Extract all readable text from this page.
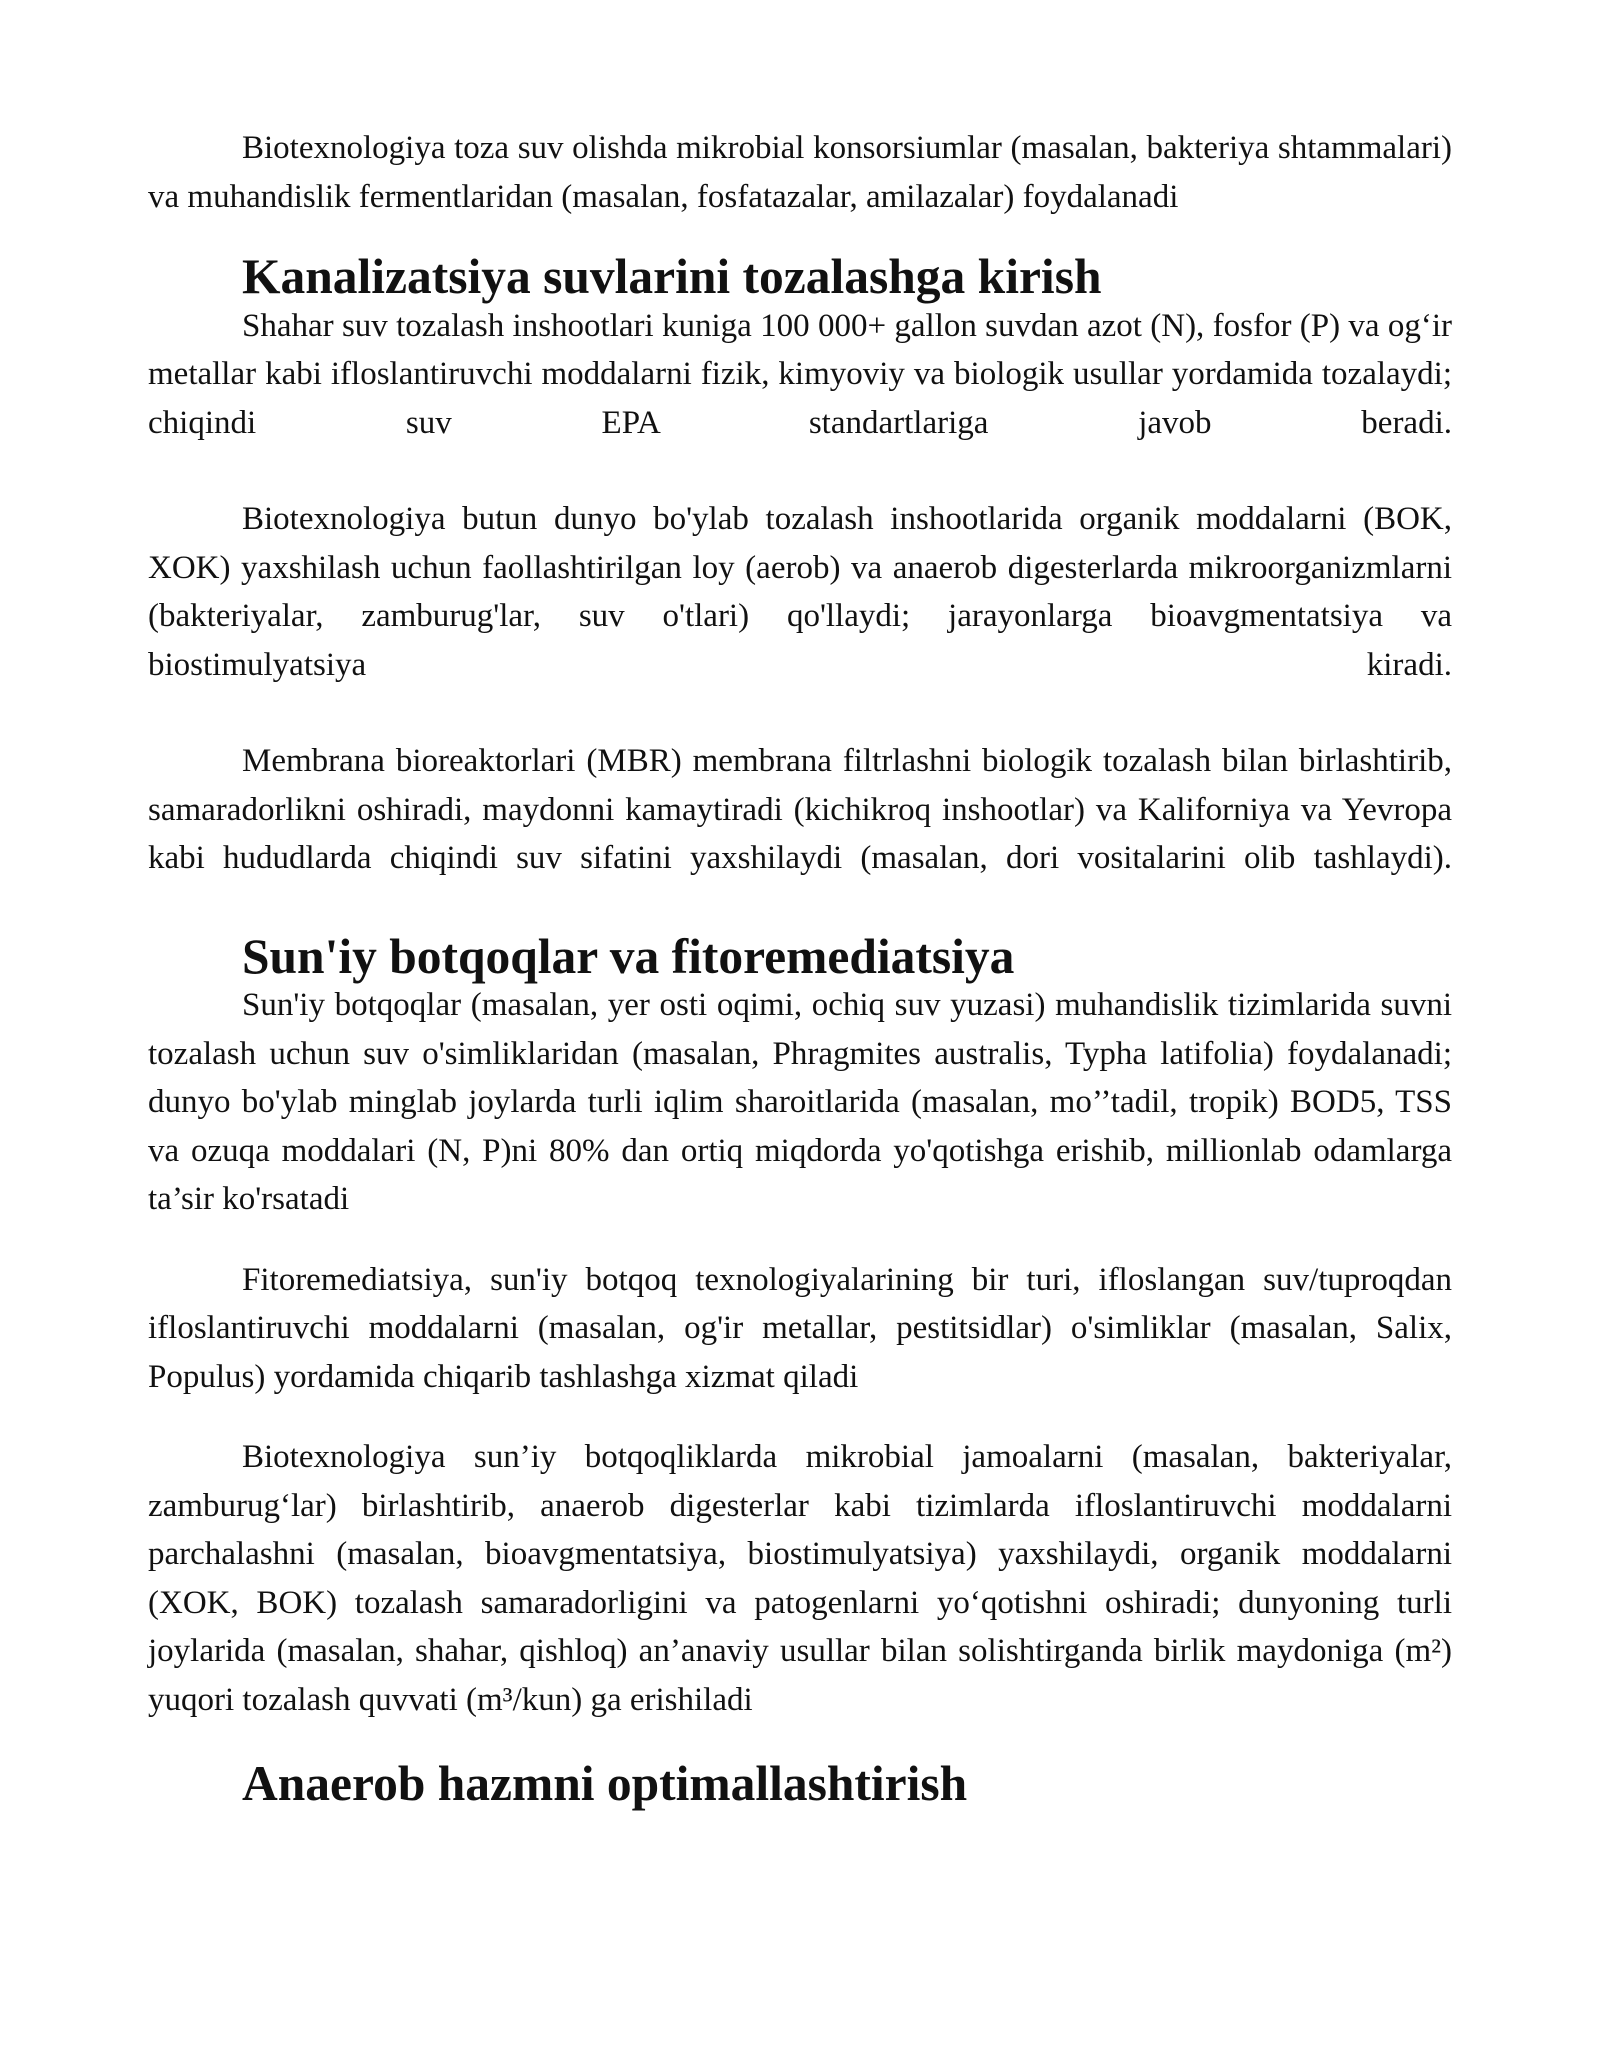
Biotexnologiya toza suv olishda mikrobial konsorsiumlar (masalan, bakteriya shtammalari) va muhandislik fermentlaridan (masalan, fosfatazalar, amilazalar) foydalanadi

Kanalizatsiya suvlarini tozalashga kirish

Shahar suv tozalash inshootlari kuniga 100 000+ gallon suvdan azot (N), fosfor (P) va og‘ir metallar kabi ifloslantiruvchi moddalarni fizik, kimyoviy va biologik usullar yordamida tozalaydi; chiqindi suv EPA standartlariga javob beradi.

Biotexnologiya butun dunyo bo'ylab tozalash inshootlarida organik moddalarni (BOK, XOK) yaxshilash uchun faollashtirilgan loy (aerob) va anaerob digesterlarda mikroorganizmlarni (bakteriyalar, zamburug'lar, suv o'tlari) qo'llaydi; jarayonlarga bioavgmentatsiya va biostimulyatsiya kiradi.

Membrana bioreaktorlari (MBR) membrana filtrlashni biologik tozalash bilan birlashtirib, samaradorlikni oshiradi, maydonni kamaytiradi (kichikroq inshootlar) va Kaliforniya va Yevropa kabi hududlarda chiqindi suv sifatini yaxshilaydi (masalan, dori vositalarini olib tashlaydi).

Sun'iy botqoqlar va fitoremediatsiya

Sun'iy botqoqlar (masalan, yer osti oqimi, ochiq suv yuzasi) muhandislik tizimlarida suvni tozalash uchun suv o'simliklaridan (masalan, Phragmites australis, Typha latifolia) foydalanadi; dunyo bo'ylab minglab joylarda turli iqlim sharoitlarida (masalan, mo’’tadil, tropik) BOD5, TSS va ozuqa moddalari (N, P)ni 80% dan ortiq miqdorda yo'qotishga erishib, millionlab odamlarga ta’sir ko'rsatadi

Fitoremediatsiya, sun'iy botqoq texnologiyalarining bir turi, ifloslangan suv/tuproqdan ifloslantiruvchi moddalarni (masalan, og'ir metallar, pestitsidlar) o'simliklar (masalan, Salix, Populus) yordamida chiqarib tashlashga xizmat qiladi

Biotexnologiya sun’iy botqoqliklarda mikrobial jamoalarni (masalan, bakteriyalar, zamburug‘lar) birlashtirib, anaerob digesterlar kabi tizimlarda ifloslantiruvchi moddalarni parchalashni (masalan, bioavgmentatsiya, biostimulyatsiya) yaxshilaydi, organik moddalarni (XOK, BOK) tozalash samaradorligini va patogenlarni yo‘qotishni oshiradi; dunyoning turli joylarida (masalan, shahar, qishloq) an’anaviy usullar bilan solishtirganda birlik maydoniga (m²) yuqori tozalash quvvati (m³/kun) ga erishiladi

Anaerob hazmni optimallashtirish
